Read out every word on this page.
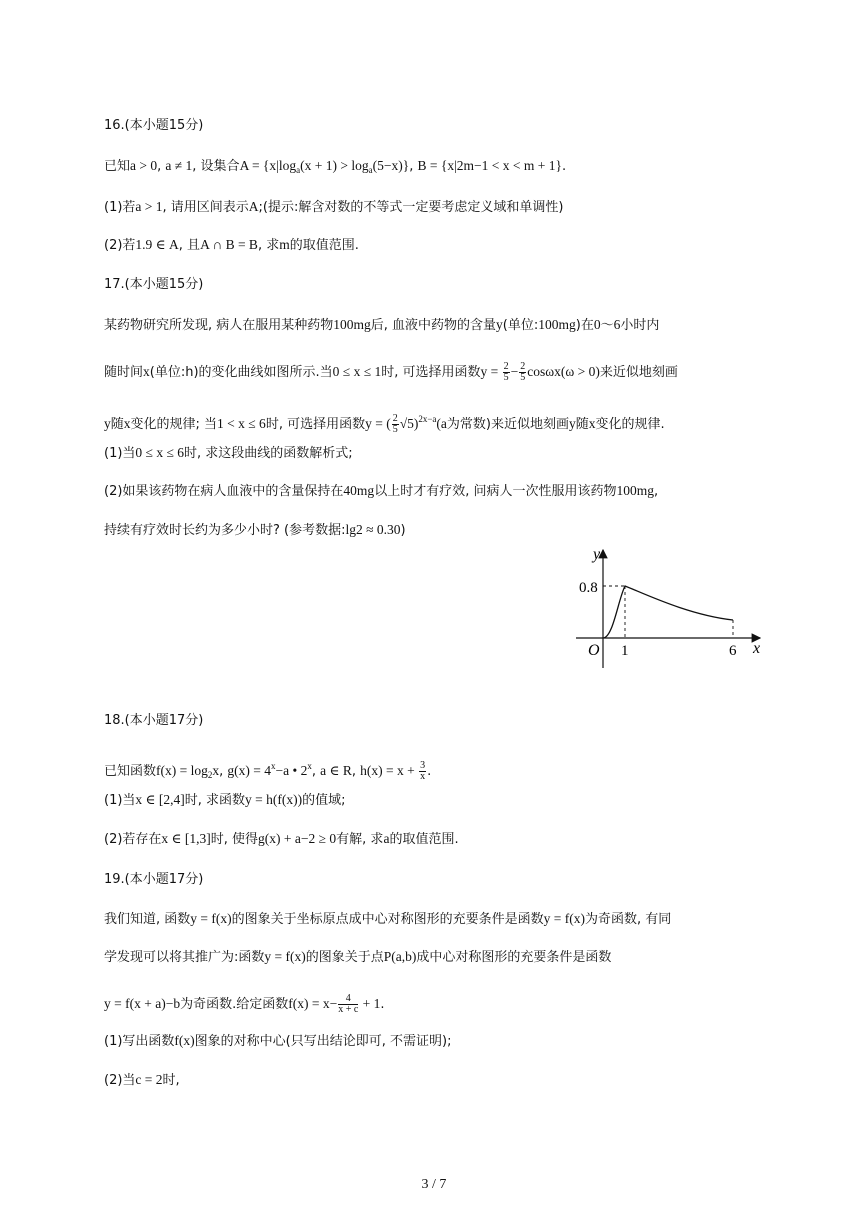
16.(本小题15分)
已知a > 0, a ≠ 1, 设集合$A = \{x|\log_a(x + 1) > \log_a(5-x)\}$, B = {x|2m−1 < x < m + 1}.
(1)若a > 1, 请用区间表示A;(提示:解含对数的不等式一定要考虑定义域和单调性)
(2)若1.9 ∈ A, 且A ∩ B = B, 求m的取值范围.
17.(本小题15分)
某药物研究所发现, 病人在服用某种药物100mg后, 血液中药物的含量y(单位:100mg)在0〜6小时内
随时间x(单位:h)的变化曲线如图所示.当0 ≤ x ≤ 1时, 可选择用函数$y = \frac{2}{5} - \frac{2}{5} \cos\omega x(\omega > 0)$来近似地刻画
y随x变化的规律; 当1 < x ≤ 6时, 可选择用函数y = ( $\frac{2}{5} √5)^{2x-a}(a$为常数)来近似地刻画y随x变化的规律.
(1)当0 ≤ x ≤ 6时, 求这段曲线的函数解析式;
(2)如果该药物在病人血液中的含量保持在40mg以上时才有疗效, 问病人一次性服用该药物100mg,
持续有疗效时长约为多少小时? (参考数据:lg2 ≈ 0.30)
y
x
O
0.8
1	6
18.(本小题17分)
已知函数$f(x) = \log_2x$, $g(x) = 4^x-a$ • 2$^x$, a ∈ R, $h(x) = x + \frac{3}{x}$ .
(1)当x ∈ [2,4]时, 求函数y = h(f(x))的值域;
(2)若存在x ∈ [1,3]时, 使得g(x) + a−2 ≥ 0有解, 求a的取值范围.
19.(本小题17分)
我们知道, 函数y = f(x)的图象关于坐标原点成中心对称图形的充要条件是函数y = f(x)为奇函数, 有同
学发现可以将其推广为:函数y = f(x)的图象关于点P(a,b)成中心对称图形的充要条件是函数
y = f(x + a)−b为奇函数.给定函数$f(x) = x- \frac{4}{x + c} + 1$.
(1)写出函数f(x)图象的对称中心(只写出结论即可, 不需证明);
(2)当c = 2时,
3 / 7
